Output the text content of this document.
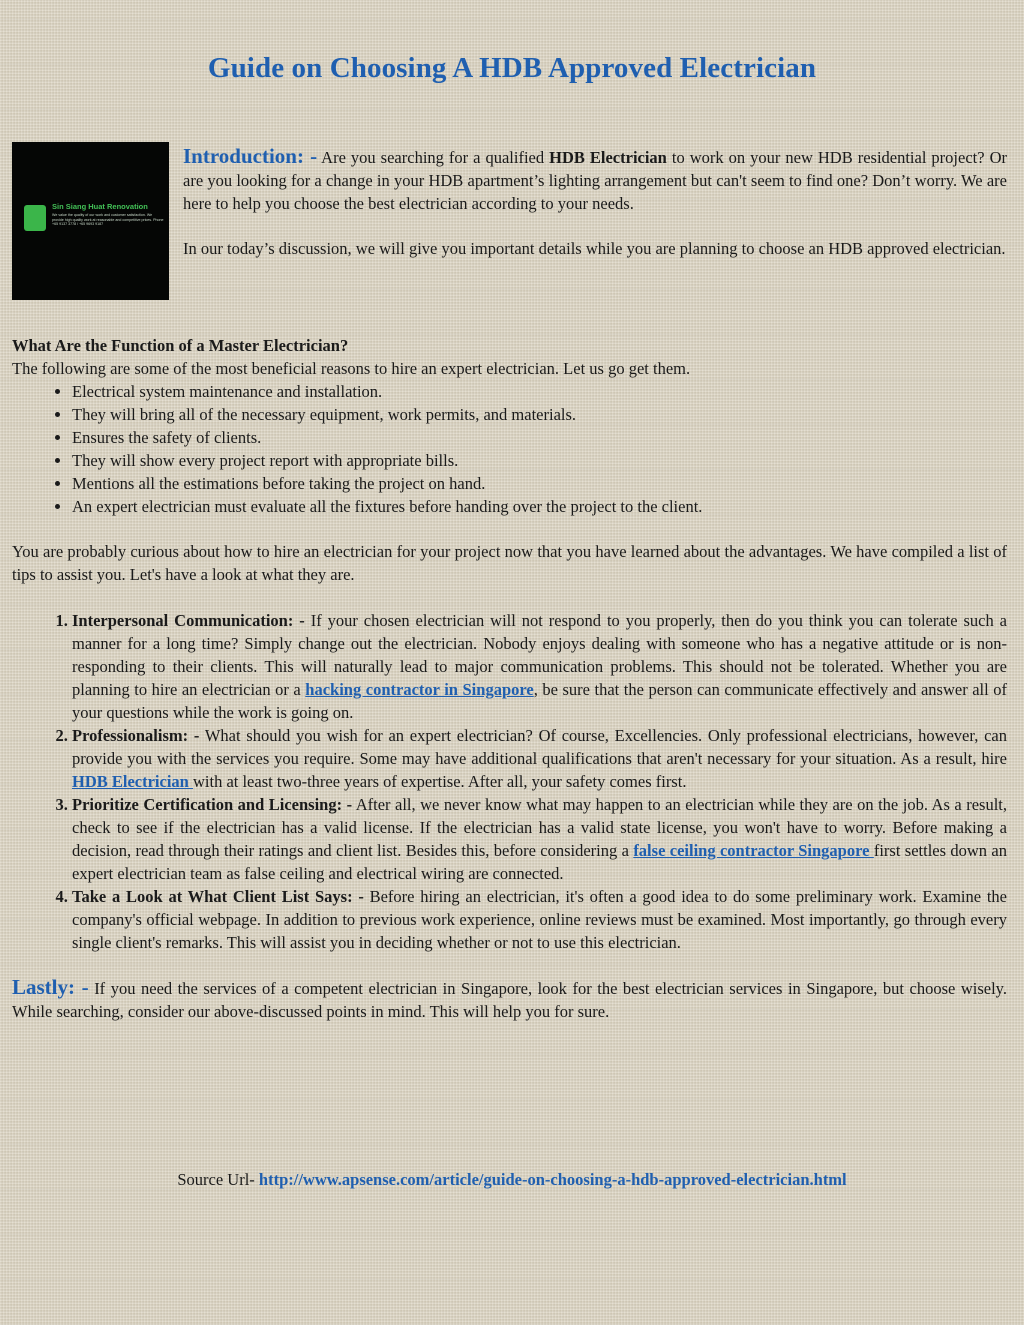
Guide on Choosing A HDB Approved Electrician
Sin Siang Huat Renovation
We value the quality of our work and customer satisfaction. We provide high quality work at reasonable and competitive prices. Phone +65 9137 3778 / +65 9693 9187

Introduction: - Are you searching for a qualified HDB Electrician to work on your new HDB residential project? Or are you looking for a change in your HDB apartment’s lighting arrangement but can't seem to find one? Don’t worry. We are here to help you choose the best electrician according to your needs.

In our today’s discussion, we will give you important details while you are planning to choose an HDB approved electrician.

What Are the Function of a Master Electrician?

The following are some of the most beneficial reasons to hire an expert electrician. Let us go get them.

• Electrical system maintenance and installation.
• They will bring all of the necessary equipment, work permits, and materials.
• Ensures the safety of clients.
• They will show every project report with appropriate bills.
• Mentions all the estimations before taking the project on hand.
• An expert electrician must evaluate all the fixtures before handing over the project to the client.

You are probably curious about how to hire an electrician for your project now that you have learned about the advantages. We have compiled a list of tips to assist you. Let's have a look at what they are.

1. Interpersonal Communication: - If your chosen electrician will not respond to you properly, then do you think you can tolerate such a manner for a long time? Simply change out the electrician. Nobody enjoys dealing with someone who has a negative attitude or is non-responding to their clients. This will naturally lead to major communication problems. This should not be tolerated. Whether you are planning to hire an electrician or a hacking contractor in Singapore, be sure that the person can communicate effectively and answer all of your questions while the work is going on.
2. Professionalism: - What should you wish for an expert electrician? Of course, Excellencies. Only professional electricians, however, can provide you with the services you require. Some may have additional qualifications that aren't necessary for your situation. As a result, hire HDB Electrician with at least two-three years of expertise. After all, your safety comes first.
3. Prioritize Certification and Licensing: - After all, we never know what may happen to an electrician while they are on the job. As a result, check to see if the electrician has a valid license. If the electrician has a valid state license, you won't have to worry. Before making a decision, read through their ratings and client list. Besides this, before considering a false ceiling contractor Singapore first settles down an expert electrician team as false ceiling and electrical wiring are connected.
4. Take a Look at What Client List Says: - Before hiring an electrician, it's often a good idea to do some preliminary work. Examine the company's official webpage. In addition to previous work experience, online reviews must be examined. Most importantly, go through every single client's remarks. This will assist you in deciding whether or not to use this electrician.

Lastly: - If you need the services of a competent electrician in Singapore, look for the best electrician services in Singapore, but choose wisely. While searching, consider our above-discussed points in mind. This will help you for sure.

Source Url- http://www.apsense.com/article/guide-on-choosing-a-hdb-approved-electrician.html
